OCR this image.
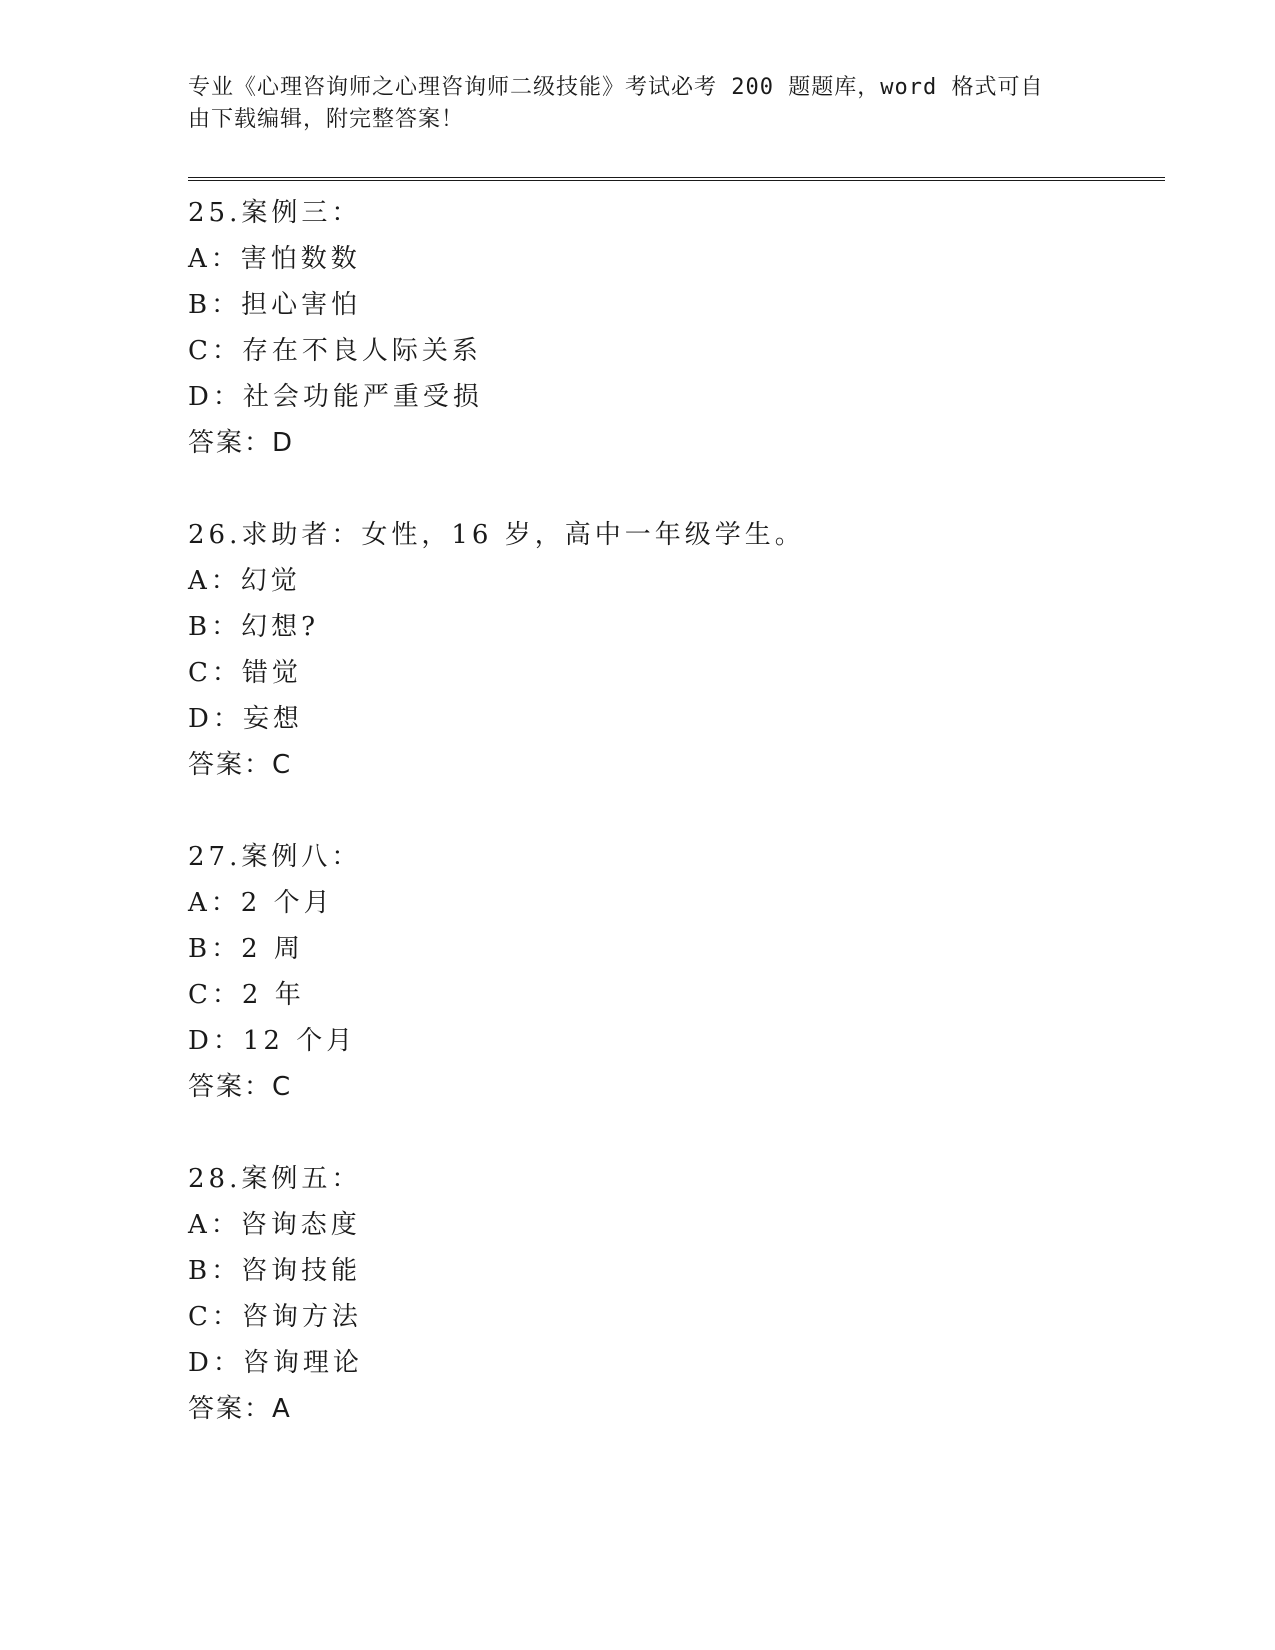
专业《心理咨询师之心理咨询师二级技能》考试必考 200 题题库，word 格式可自

由下载编辑，附完整答案！

25.案例三：
A：害怕数数
B：担心害怕
C：存在不良人际关系
D：社会功能严重受损
答案：D
26.求助者：女性，16 岁，高中一年级学生。
A：幻觉
B：幻想?
C：错觉
D：妄想
答案：C
27.案例八：
A：2 个月
B：2 周
C：2 年
D：12 个月
答案：C
28.案例五：
A：咨询态度
B：咨询技能
C：咨询方法
D：咨询理论
答案：A
